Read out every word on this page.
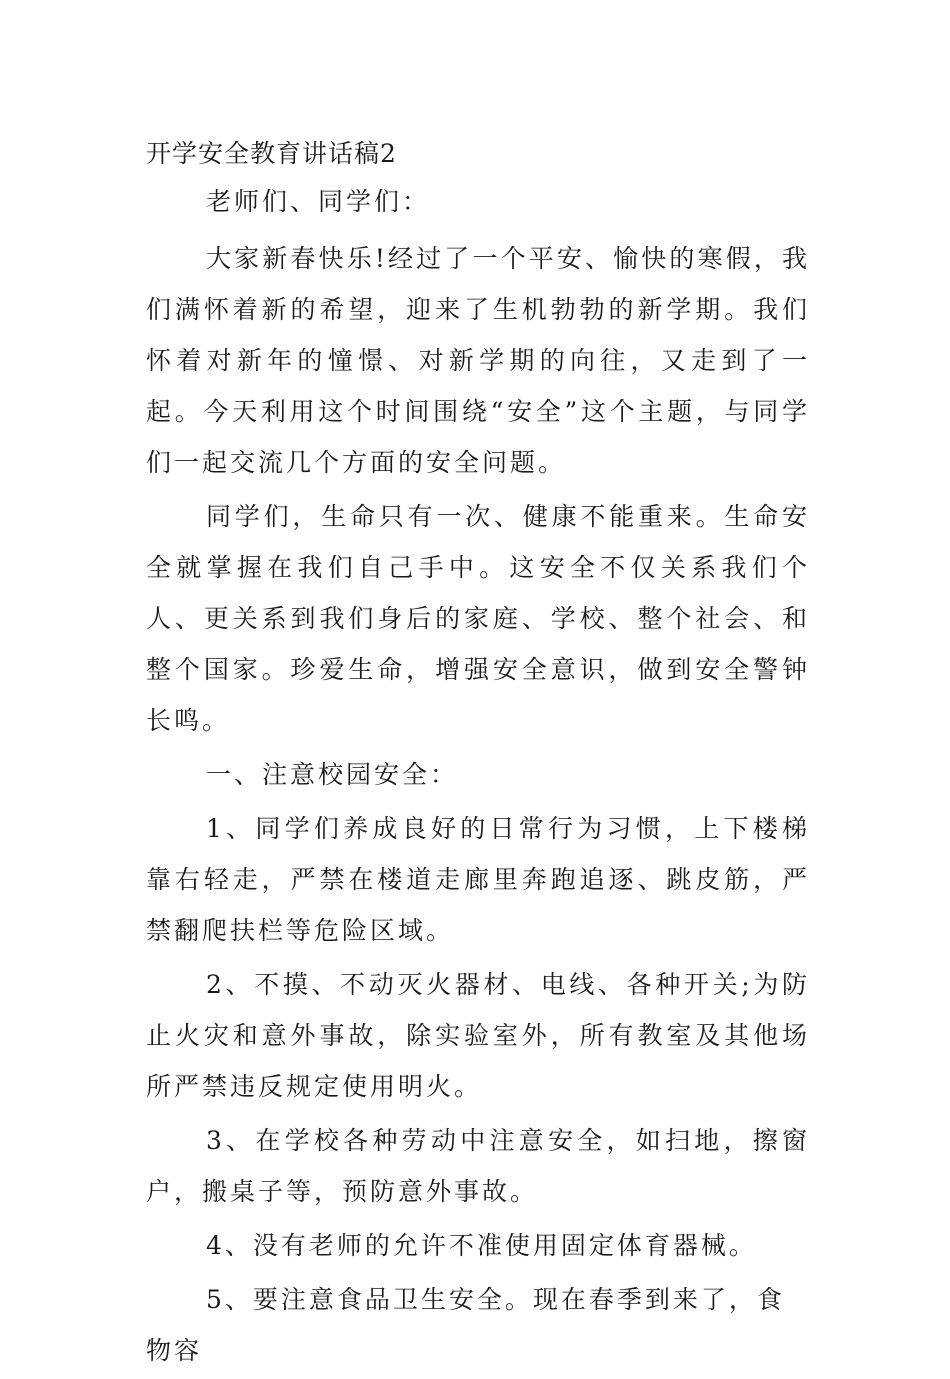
开学安全教育讲话稿2

老师们、同学们：

大家新春快乐!经过了一个平安、愉快的寒假，我们满怀着新的希望，迎来了生机勃勃的新学期。我们怀着对新年的憧憬、对新学期的向往，又走到了一起。今天利用这个时间围绕“安全”这个主题，与同学们一起交流几个方面的安全问题。

同学们，生命只有一次、健康不能重来。生命安全就掌握在我们自己手中。这安全不仅关系我们个人、更关系到我们身后的家庭、学校、整个社会、和整个国家。珍爱生命，增强安全意识，做到安全警钟长鸣。

一、注意校园安全：

1、同学们养成良好的日常行为习惯，上下楼梯靠右轻走，严禁在楼道走廊里奔跑追逐、跳皮筋，严禁翻爬扶栏等危险区域。

2、不摸、不动灭火器材、电线、各种开关;为防止火灾和意外事故，除实验室外，所有教室及其他场所严禁违反规定使用明火。

3、在学校各种劳动中注意安全，如扫地，擦窗户，搬桌子等，预防意外事故。

4、没有老师的允许不准使用固定体育器械。

5、要注意食品卫生安全。现在春季到来了，食物容
